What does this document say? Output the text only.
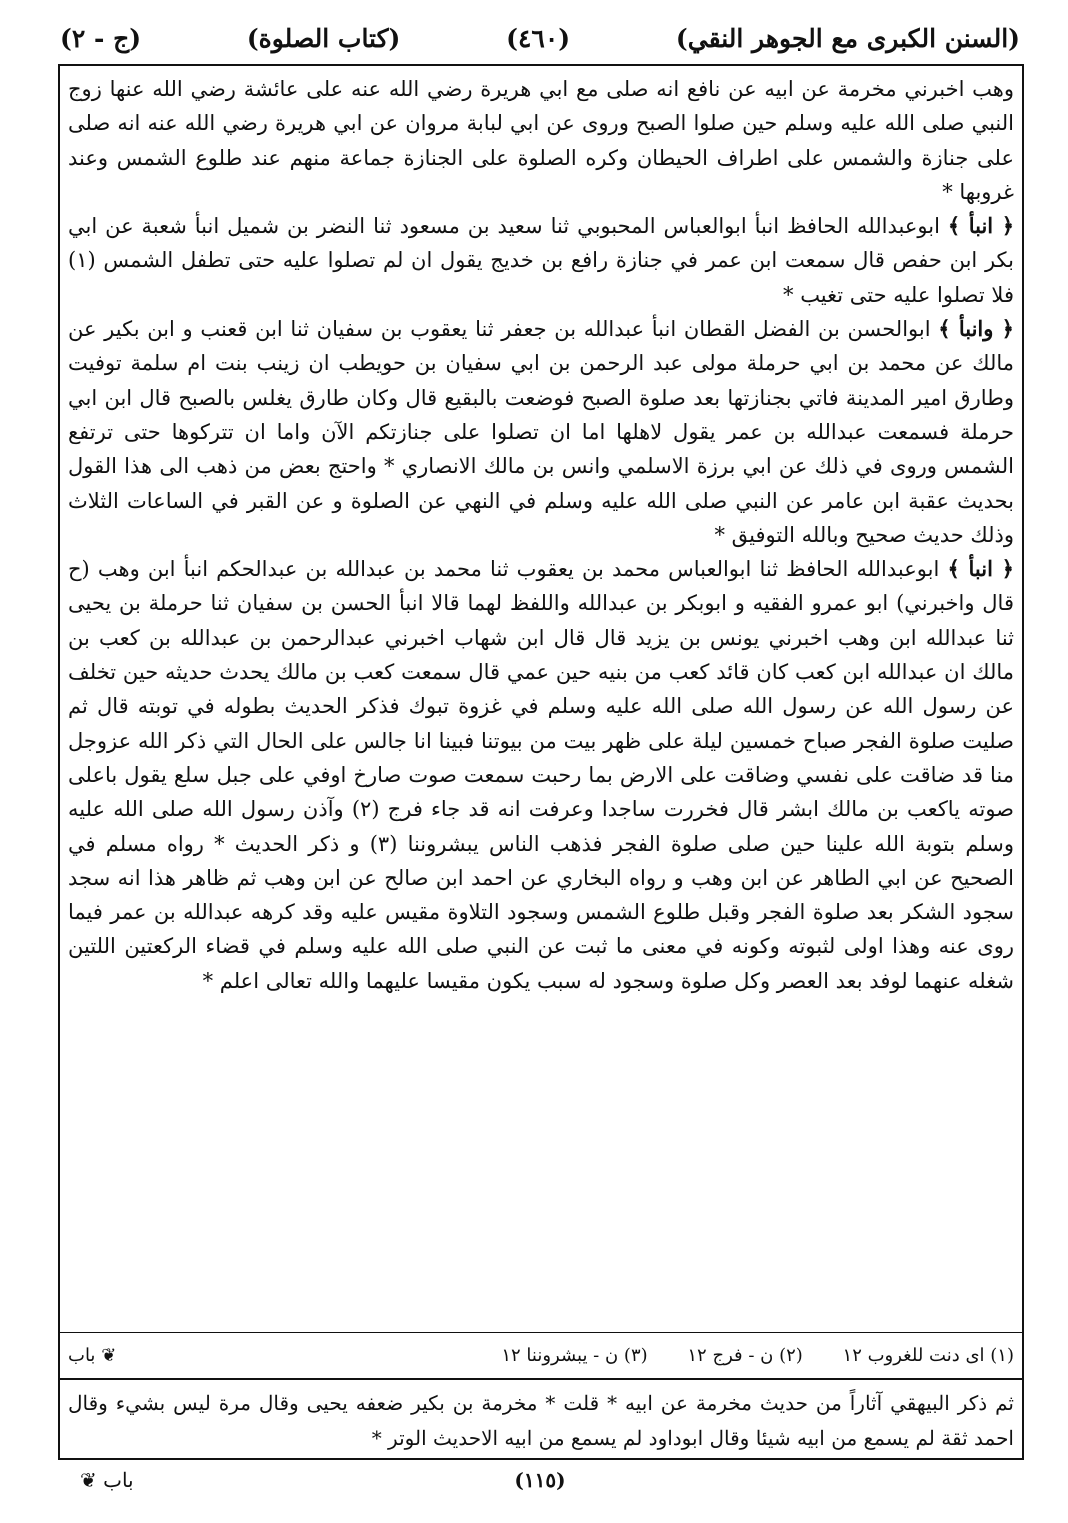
(السنن الكبرى مع الجوهر النقي)
(٤٦٠)
(كتاب الصلوة)
(ج - ٢)

وهب اخبرني مخرمة عن ابيه عن نافع انه صلى مع ابي هريرة رضي الله عنه على عائشة رضي الله عنها زوج النبي صلى الله عليه وسلم حين صلوا الصبح وروى عن ابي لبابة مروان عن ابي هريرة رضي الله عنه انه صلى على جنازة والشمس على اطراف الحيطان وكره الصلوة على الجنازة جماعة منهم عند طلوع الشمس وعند غروبها *

﴿ انبأ ﴾ ابوعبدالله الحافظ انبأ ابوالعباس المحبوبي ثنا سعيد بن مسعود ثنا النضر بن شميل انبأ شعبة عن ابي بكر ابن حفص قال سمعت ابن عمر في جنازة رافع بن خديج يقول ان لم تصلوا عليه حتى تطفل الشمس (١) فلا تصلوا عليه حتى تغيب *

﴿ وانبأ ﴾ ابوالحسن بن الفضل القطان انبأ عبدالله بن جعفر ثنا يعقوب بن سفيان ثنا ابن قعنب و ابن بكير عن مالك عن محمد بن ابي حرملة مولى عبد الرحمن بن ابي سفيان بن حويطب ان زينب بنت ام سلمة توفيت وطارق امير المدينة فاتي بجنازتها بعد صلوة الصبح فوضعت بالبقيع قال وكان طارق يغلس بالصبح قال ابن ابي حرملة فسمعت عبدالله بن عمر يقول لاهلها اما ان تصلوا على جنازتكم الآن واما ان تتركوها حتى ترتفع الشمس وروى في ذلك عن ابي برزة الاسلمي وانس بن مالك الانصاري * واحتج بعض من ذهب الى هذا القول بحديث عقبة ابن عامر عن النبي صلى الله عليه وسلم في النهي عن الصلوة و عن القبر في الساعات الثلاث وذلك حديث صحيح وبالله التوفيق *

﴿ انبأ ﴾ ابوعبدالله الحافظ ثنا ابوالعباس محمد بن يعقوب ثنا محمد بن عبدالله بن عبدالحكم انبأ ابن وهب (ح قال واخبرني) ابو عمرو الفقيه و ابوبكر بن عبدالله واللفظ لهما قالا انبأ الحسن بن سفيان ثنا حرملة بن يحيى ثنا عبدالله ابن وهب اخبرني يونس بن يزيد قال قال ابن شهاب اخبرني عبدالرحمن بن عبدالله بن كعب بن مالك ان عبدالله ابن كعب كان قائد كعب من بنيه حين عمي قال سمعت كعب بن مالك يحدث حديثه حين تخلف عن رسول الله عن رسول الله صلى الله عليه وسلم في غزوة تبوك فذكر الحديث بطوله في توبته قال ثم صليت صلوة الفجر صباح خمسين ليلة على ظهر بيت من بيوتنا فبينا انا جالس على الحال التي ذكر الله عزوجل منا قد ضاقت على نفسي وضاقت على الارض بما رحبت سمعت صوت صارخ اوفي على جبل سلع يقول باعلى صوته ياكعب بن مالك ابشر قال فخررت ساجدا وعرفت انه قد جاء فرج (٢) وآذن رسول الله صلى الله عليه وسلم بتوبة الله علينا حين صلى صلوة الفجر فذهب الناس يبشروننا (٣) و ذكر الحديث * رواه مسلم في الصحيح عن ابي الطاهر عن ابن وهب و رواه البخاري عن احمد ابن صالح عن ابن وهب ثم ظاهر هذا انه سجد سجود الشكر بعد صلوة الفجر وقبل طلوع الشمس وسجود التلاوة مقيس عليه وقد كرهه عبدالله بن عمر فيما روى عنه وهذا اولى لثبوته وكونه في معنى ما ثبت عن النبي صلى الله عليه وسلم في قضاء الركعتين اللتين شغله عنهما لوفد بعد العصر وكل صلوة وسجود له سبب يكون مقيسا عليهما والله تعالى اعلم *

(١) اى دنت للغروب ١٢ (٢) ن - فرج ١٢ (٣) ن - يبشروننا ١٢
❦ باب
ثم ذكر البيهقي آثاراً من حديث مخرمة عن ابيه * قلت * مخرمة بن بكير ضعفه يحيى وقال مرة ليس بشيء وقال احمد ثقة لم يسمع من ابيه شيئا وقال ابوداود لم يسمع من ابيه الاحديث الوتر *
(١١٥)
❦ باب
